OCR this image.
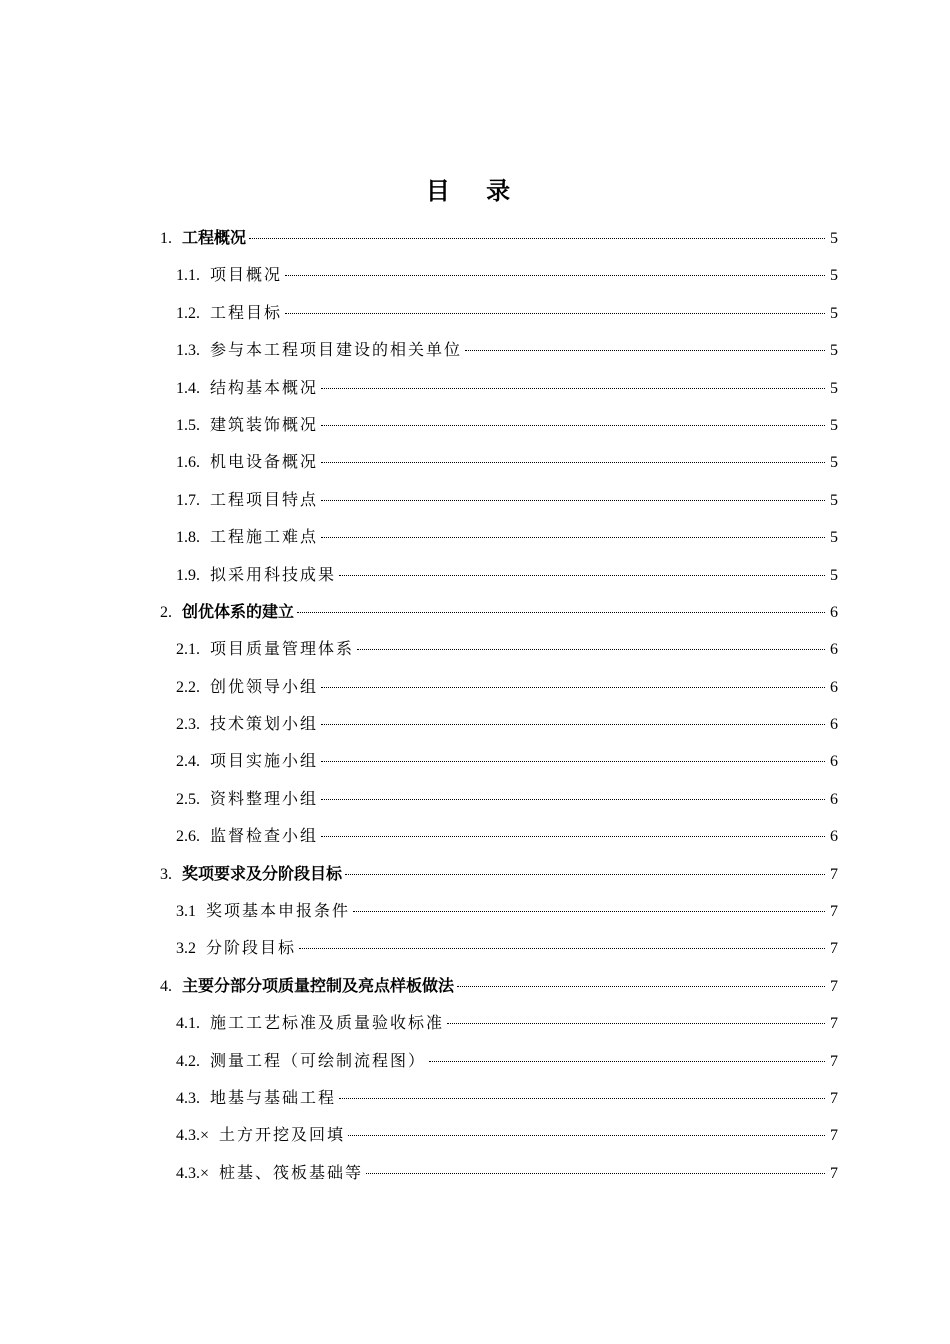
目 录
1. 工程概况	5
1.1. 项目概况	5
1.2. 工程目标	5
1.3. 参与本工程项目建设的相关单位	5
1.4. 结构基本概况	5
1.5. 建筑装饰概况	5
1.6. 机电设备概况	5
1.7. 工程项目特点	5
1.8. 工程施工难点	5
1.9. 拟采用科技成果	5
2. 创优体系的建立	6
2.1. 项目质量管理体系	6
2.2. 创优领导小组	6
2.3. 技术策划小组	6
2.4. 项目实施小组	6
2.5. 资料整理小组	6
2.6. 监督检查小组	6
3. 奖项要求及分阶段目标	7
3.1 奖项基本申报条件	7
3.2 分阶段目标	7
4. 主要分部分项质量控制及亮点样板做法	7
4.1. 施工工艺标准及质量验收标准	7
4.2. 测量工程（可绘制流程图）	7
4.3. 地基与基础工程	7
4.3.× 土方开挖及回填	7
4.3.× 桩基、筏板基础等	7
